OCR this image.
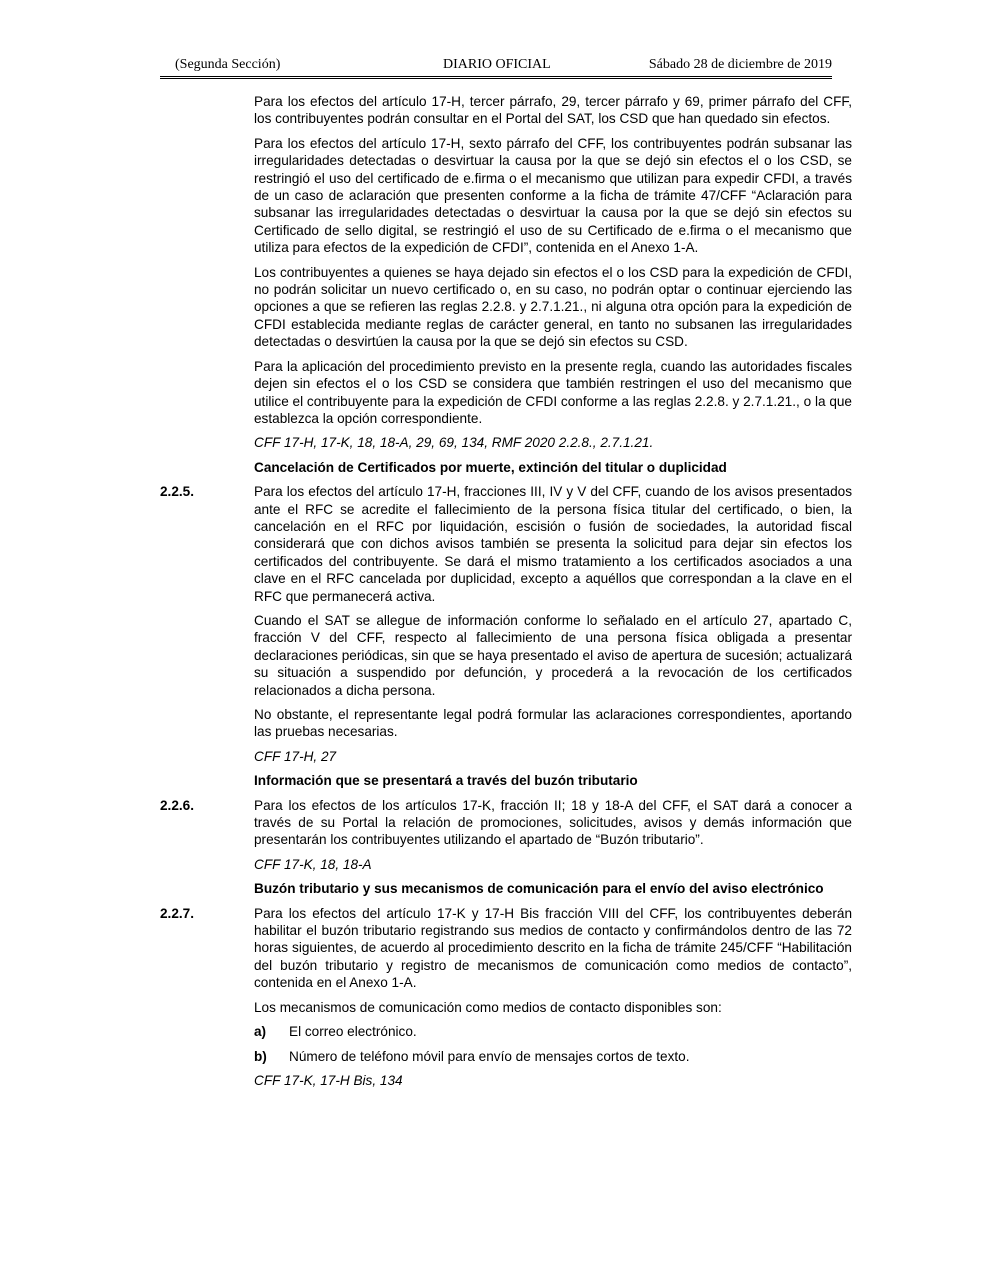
(Segunda Sección)	DIARIO OFICIAL	Sábado 28 de diciembre de 2019

Para los efectos del artículo 17-H, tercer párrafo, 29, tercer párrafo y 69, primer párrafo del CFF, los contribuyentes podrán consultar en el Portal del SAT, los CSD que han quedado sin efectos.

Para los efectos del artículo 17-H, sexto párrafo del CFF, los contribuyentes podrán subsanar las irregularidades detectadas o desvirtuar la causa por la que se dejó sin efectos el o los CSD, se restringió el uso del certificado de e.firma o el mecanismo que utilizan para expedir CFDI, a través de un caso de aclaración que presenten conforme a la ficha de trámite 47/CFF “Aclaración para subsanar las irregularidades detectadas o desvirtuar la causa por la que se dejó sin efectos su Certificado de sello digital, se restringió el uso de su Certificado de e.firma o el mecanismo que utiliza para efectos de la expedición de CFDI”, contenida en el Anexo 1-A.

Los contribuyentes a quienes se haya dejado sin efectos el o los CSD para la expedición de CFDI, no podrán solicitar un nuevo certificado o, en su caso, no podrán optar o continuar ejerciendo las opciones a que se refieren las reglas 2.2.8. y 2.7.1.21., ni alguna otra opción para la expedición de CFDI establecida mediante reglas de carácter general, en tanto no subsanen las irregularidades detectadas o desvirtúen la causa por la que se dejó sin efectos su CSD.

Para la aplicación del procedimiento previsto en la presente regla, cuando las autoridades fiscales dejen sin efectos el o los CSD se considera que también restringen el uso del mecanismo que utilice el contribuyente para la expedición de CFDI conforme a las reglas 2.2.8. y 2.7.1.21., o la que establezca la opción correspondiente.

CFF 17-H, 17-K, 18, 18-A, 29, 69, 134, RMF 2020 2.2.8., 2.7.1.21.

Cancelación de Certificados por muerte, extinción del titular o duplicidad

2.2.5.	Para los efectos del artículo 17-H, fracciones III, IV y V del CFF, cuando de los avisos presentados ante el RFC se acredite el fallecimiento de la persona física titular del certificado, o bien, la cancelación en el RFC por liquidación, escisión o fusión de sociedades, la autoridad fiscal considerará que con dichos avisos también se presenta la solicitud para dejar sin efectos los certificados del contribuyente. Se dará el mismo tratamiento a los certificados asociados a una clave en el RFC cancelada por duplicidad, excepto a aquéllos que correspondan a la clave en el RFC que permanecerá activa.

Cuando el SAT se allegue de información conforme lo señalado en el artículo 27, apartado C, fracción V del CFF, respecto al fallecimiento de una persona física obligada a presentar declaraciones periódicas, sin que se haya presentado el aviso de apertura de sucesión; actualizará su situación a suspendido por defunción, y procederá a la revocación de los certificados relacionados a dicha persona.

No obstante, el representante legal podrá formular las aclaraciones correspondientes, aportando las pruebas necesarias.

CFF 17-H, 27

Información que se presentará a través del buzón tributario

2.2.6.	Para los efectos de los artículos 17-K, fracción II; 18 y 18-A del CFF, el SAT dará a conocer a través de su Portal la relación de promociones, solicitudes, avisos y demás información que presentarán los contribuyentes utilizando el apartado de “Buzón tributario”.

CFF 17-K, 18, 18-A

Buzón tributario y sus mecanismos de comunicación para el envío del aviso electrónico

2.2.7.	Para los efectos del artículo 17-K y 17-H Bis fracción VIII del CFF, los contribuyentes deberán habilitar el buzón tributario registrando sus medios de contacto y confirmándolos dentro de las 72 horas siguientes, de acuerdo al procedimiento descrito en la ficha de trámite 245/CFF “Habilitación del buzón tributario y registro de mecanismos de comunicación como medios de contacto”, contenida en el Anexo 1-A.

Los mecanismos de comunicación como medios de contacto disponibles son:

a)	El correo electrónico.
b)	Número de teléfono móvil para envío de mensajes cortos de texto.

CFF 17-K, 17-H Bis, 134
